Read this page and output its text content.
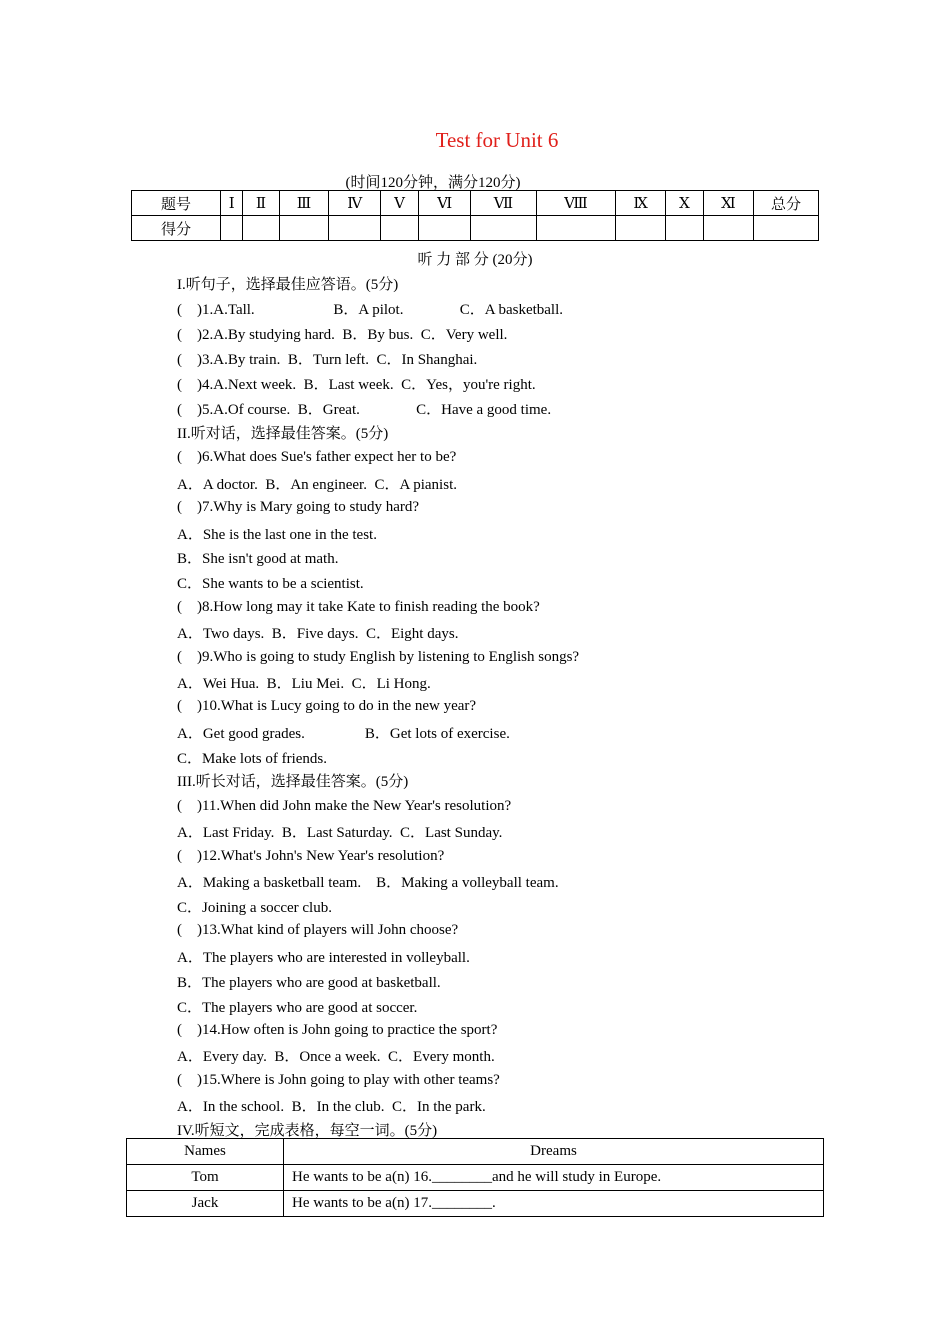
Test for Unit 6
(时间120分钟，满分120分)
题号	Ⅰ	Ⅱ	Ⅲ	Ⅳ	Ⅴ	Ⅵ	Ⅶ	Ⅷ	Ⅸ	Ⅹ	Ⅺ	总分
得分												
听 力 部 分 (20分)
I.听句子，选择最佳应答语。(5分)
(　)1.A.Tall.                     B．A pilot.               C．A basketball.
(　)2.A.By studying hard.  B．By bus.  C．Very well.
(　)3.A.By train.  B．Turn left.  C．In Shanghai.
(　)4.A.Next week.  B．Last week.  C．Yes，you're right.
(　)5.A.Of course.  B．Great.               C．Have a good time.
II.听对话，选择最佳答案。(5分)
(　)6.What does Sue's father expect her to be?
A．A doctor.  B．An engineer.  C．A pianist.
(　)7.Why is Mary going to study hard?
A．She is the last one in the test.
B．She isn't good at math.
C．She wants to be a scientist.
(　)8.How long may it take Kate to finish reading the book?
A．Two days.  B．Five days.  C．Eight days.
(　)9.Who is going to study English by listening to English songs?
A．Wei Hua.  B．Liu Mei.  C．Li Hong.
(　)10.What is Lucy going to do in the new year?
A．Get good grades.                B．Get lots of exercise.
C．Make lots of friends.
III.听长对话，选择最佳答案。(5分)
(　)11.When did John make the New Year's resolution?
A．Last Friday.  B．Last Saturday.  C．Last Sunday.
(　)12.What's John's New Year's resolution?
A．Making a basketball team.    B．Making a volleyball team.
C．Joining a soccer club.
(　)13.What kind of players will John choose?
A．The players who are interested in volleyball.
B．The players who are good at basketball.
C．The players who are good at soccer.
(　)14.How often is John going to practice the sport?
A．Every day.  B．Once a week.  C．Every month.
(　)15.Where is John going to play with other teams?
A．In the school.  B．In the club.  C．In the park.
IV.听短文，完成表格，每空一词。(5分)
Names	Dreams
Tom	He wants to be a(n) 16.________and he will study in Europe.
Jack	He wants to be a(n) 17.________.
